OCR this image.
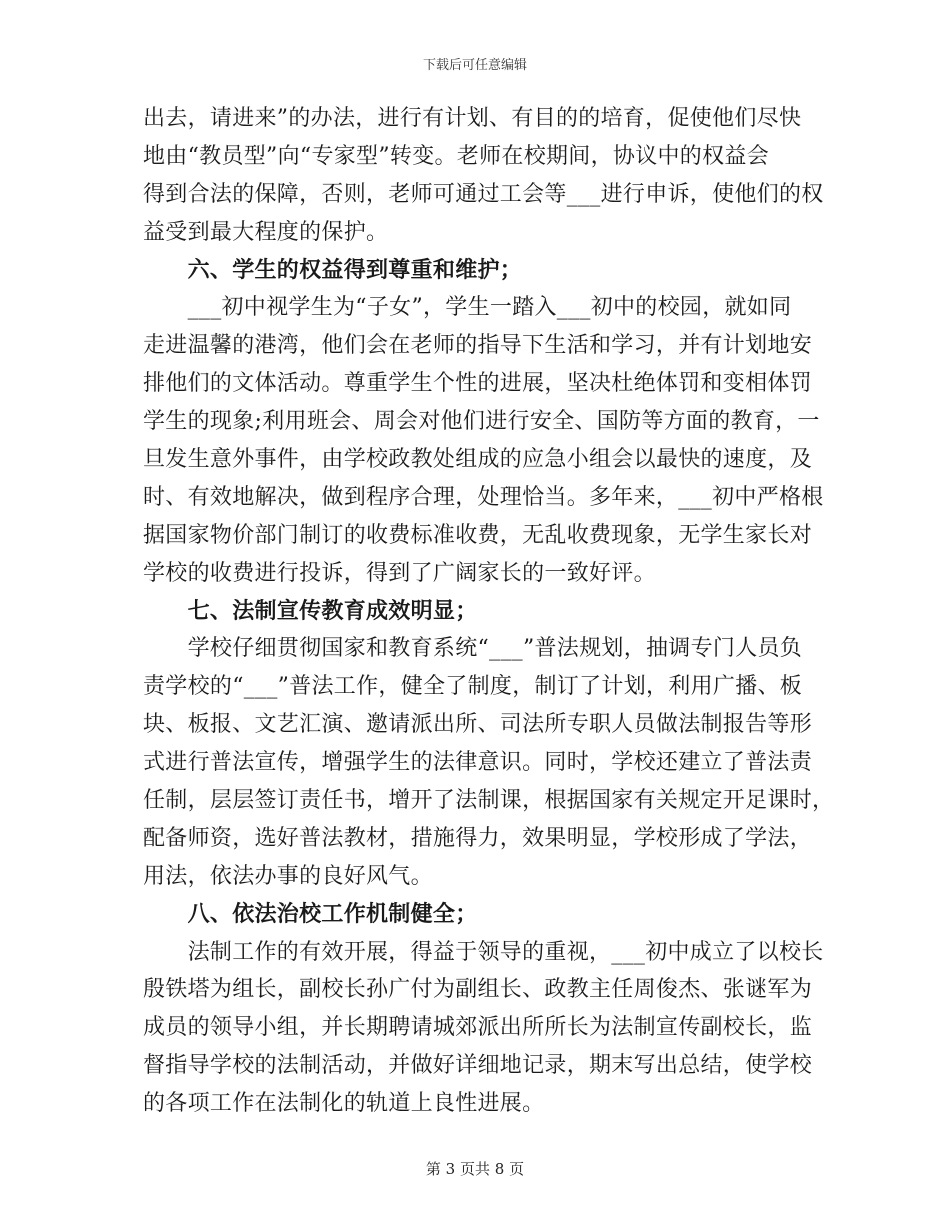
下载后可任意编辑
出去，请进来”的办法，进行有计划、有目的的培育，促使他们尽快
地由“教员型”向“专家型”转变。老师在校期间，协议中的权益会
得到合法的保障，否则，老师可通过工会等___进行申诉，使他们的权
益受到最大程度的保护。
　　六、学生的权益得到尊重和维护；
　　___初中视学生为“子女”，学生一踏入___初中的校园，就如同
走进温馨的港湾，他们会在老师的指导下生活和学习，并有计划地安
排他们的文体活动。尊重学生个性的进展，坚决杜绝体罚和变相体罚
学生的现象;利用班会、周会对他们进行安全、国防等方面的教育，一
旦发生意外事件，由学校政教处组成的应急小组会以最快的速度，及
时、有效地解决，做到程序合理，处理恰当。多年来，___初中严格根
据国家物价部门制订的收费标准收费，无乱收费现象，无学生家长对
学校的收费进行投诉，得到了广阔家长的一致好评。
　　七、法制宣传教育成效明显；
　　学校仔细贯彻国家和教育系统“___”普法规划，抽调专门人员负
责学校的“___”普法工作，健全了制度，制订了计划，利用广播、板
块、板报、文艺汇演、邀请派出所、司法所专职人员做法制报告等形
式进行普法宣传，增强学生的法律意识。同时，学校还建立了普法责
任制，层层签订责任书，增开了法制课，根据国家有关规定开足课时，
配备师资，选好普法教材，措施得力，效果明显，学校形成了学法，
用法，依法办事的良好风气。
　　八、依法治校工作机制健全；
　　法制工作的有效开展，得益于领导的重视，___初中成立了以校长
殷铁塔为组长，副校长孙广付为副组长、政教主任周俊杰、张谜军为
成员的领导小组，并长期聘请城郊派出所所长为法制宣传副校长，监
督指导学校的法制活动，并做好详细地记录，期末写出总结，使学校
的各项工作在法制化的轨道上良性进展。
第 3 页共 8 页
